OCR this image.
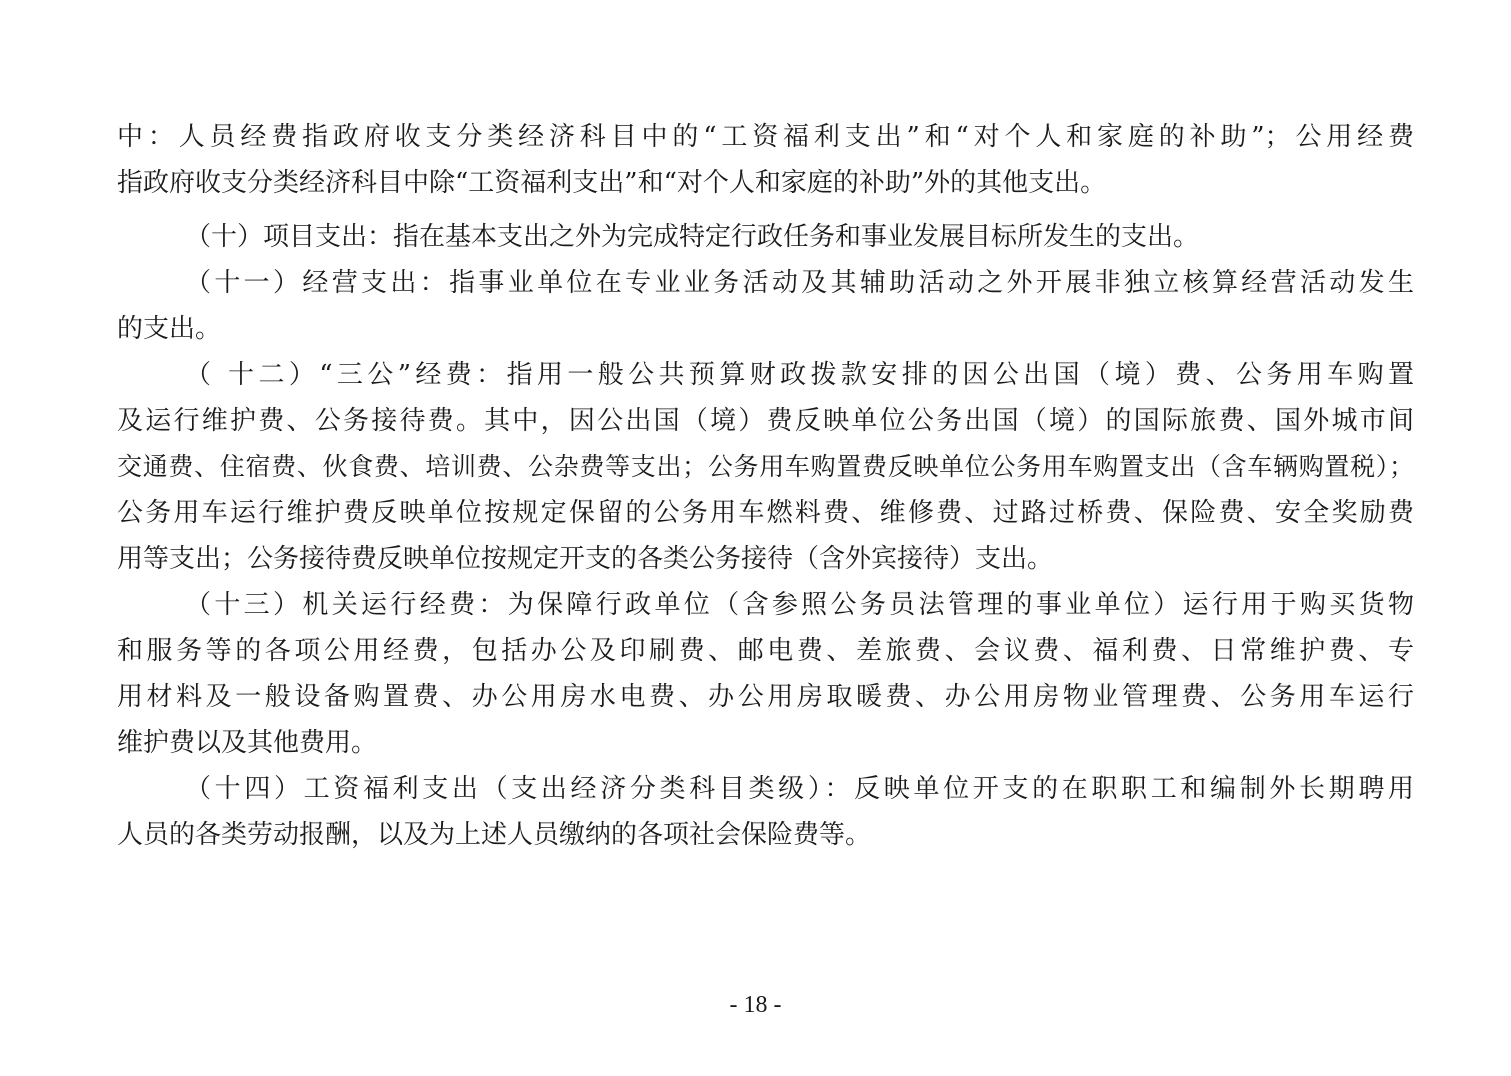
中：人员经费指政府收支分类经济科目中的“工资福利支出”和“对个人和家庭的补助”；公用经费
指政府收支分类经济科目中除“工资福利支出”和“对个人和家庭的补助”外的其他支出。
（十）项目支出：指在基本支出之外为完成特定行政任务和事业发展目标所发生的支出。
（十一）经营支出：指事业单位在专业业务活动及其辅助活动之外开展非独立核算经营活动发生
的支出。
（ 十二）“三公”经费：指用一般公共预算财政拨款安排的因公出国（境）费、公务用车购置
及运行维护费、公务接待费。其中，因公出国（境）费反映单位公务出国（境）的国际旅费、国外城市间
交通费、住宿费、伙食费、培训费、公杂费等支出；公务用车购置费反映单位公务用车购置支出（含车辆购置税）；
公务用车运行维护费反映单位按规定保留的公务用车燃料费、维修费、过路过桥费、保险费、安全奖励费
用等支出；公务接待费反映单位按规定开支的各类公务接待（含外宾接待）支出。
（十三）机关运行经费：为保障行政单位（含参照公务员法管理的事业单位）运行用于购买货物
和服务等的各项公用经费，包括办公及印刷费、邮电费、差旅费、会议费、福利费、日常维护费、专
用材料及一般设备购置费、办公用房水电费、办公用房取暖费、办公用房物业管理费、公务用车运行
维护费以及其他费用。
（十四）工资福利支出（支出经济分类科目类级）：反映单位开支的在职职工和编制外长期聘用
人员的各类劳动报酬，以及为上述人员缴纳的各项社会保险费等。
- 18 -
